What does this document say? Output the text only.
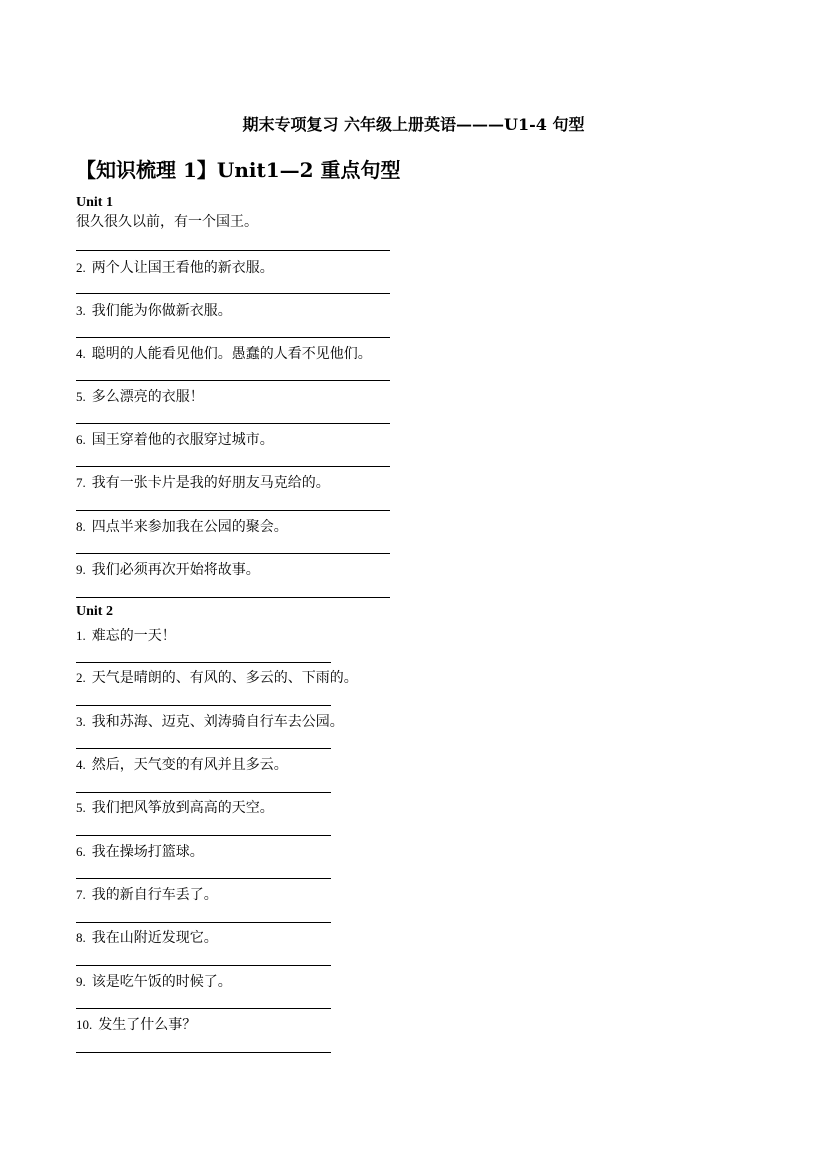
期末专项复习 六年级上册英语———U1-4 句型
【知识梳理 1】Unit1—2 重点句型
Unit 1
很久很久以前，有一个国王。
2. 两个人让国王看他的新衣服。
3. 我们能为你做新衣服。
4. 聪明的人能看见他们。愚蠢的人看不见他们。
5. 多么漂亮的衣服！
6. 国王穿着他的衣服穿过城市。
7. 我有一张卡片是我的好朋友马克给的。
8. 四点半来参加我在公园的聚会。
9. 我们必须再次开始将故事。
Unit 2
1. 难忘的一天！
2. 天气是晴朗的、有风的、多云的、下雨的。
3. 我和苏海、迈克、刘涛骑自行车去公园。
4. 然后，天气变的有风并且多云。
5. 我们把风筝放到高高的天空。
6. 我在操场打篮球。
7. 我的新自行车丢了。
8. 我在山附近发现它。
9. 该是吃午饭的时候了。
10. 发生了什么事？
